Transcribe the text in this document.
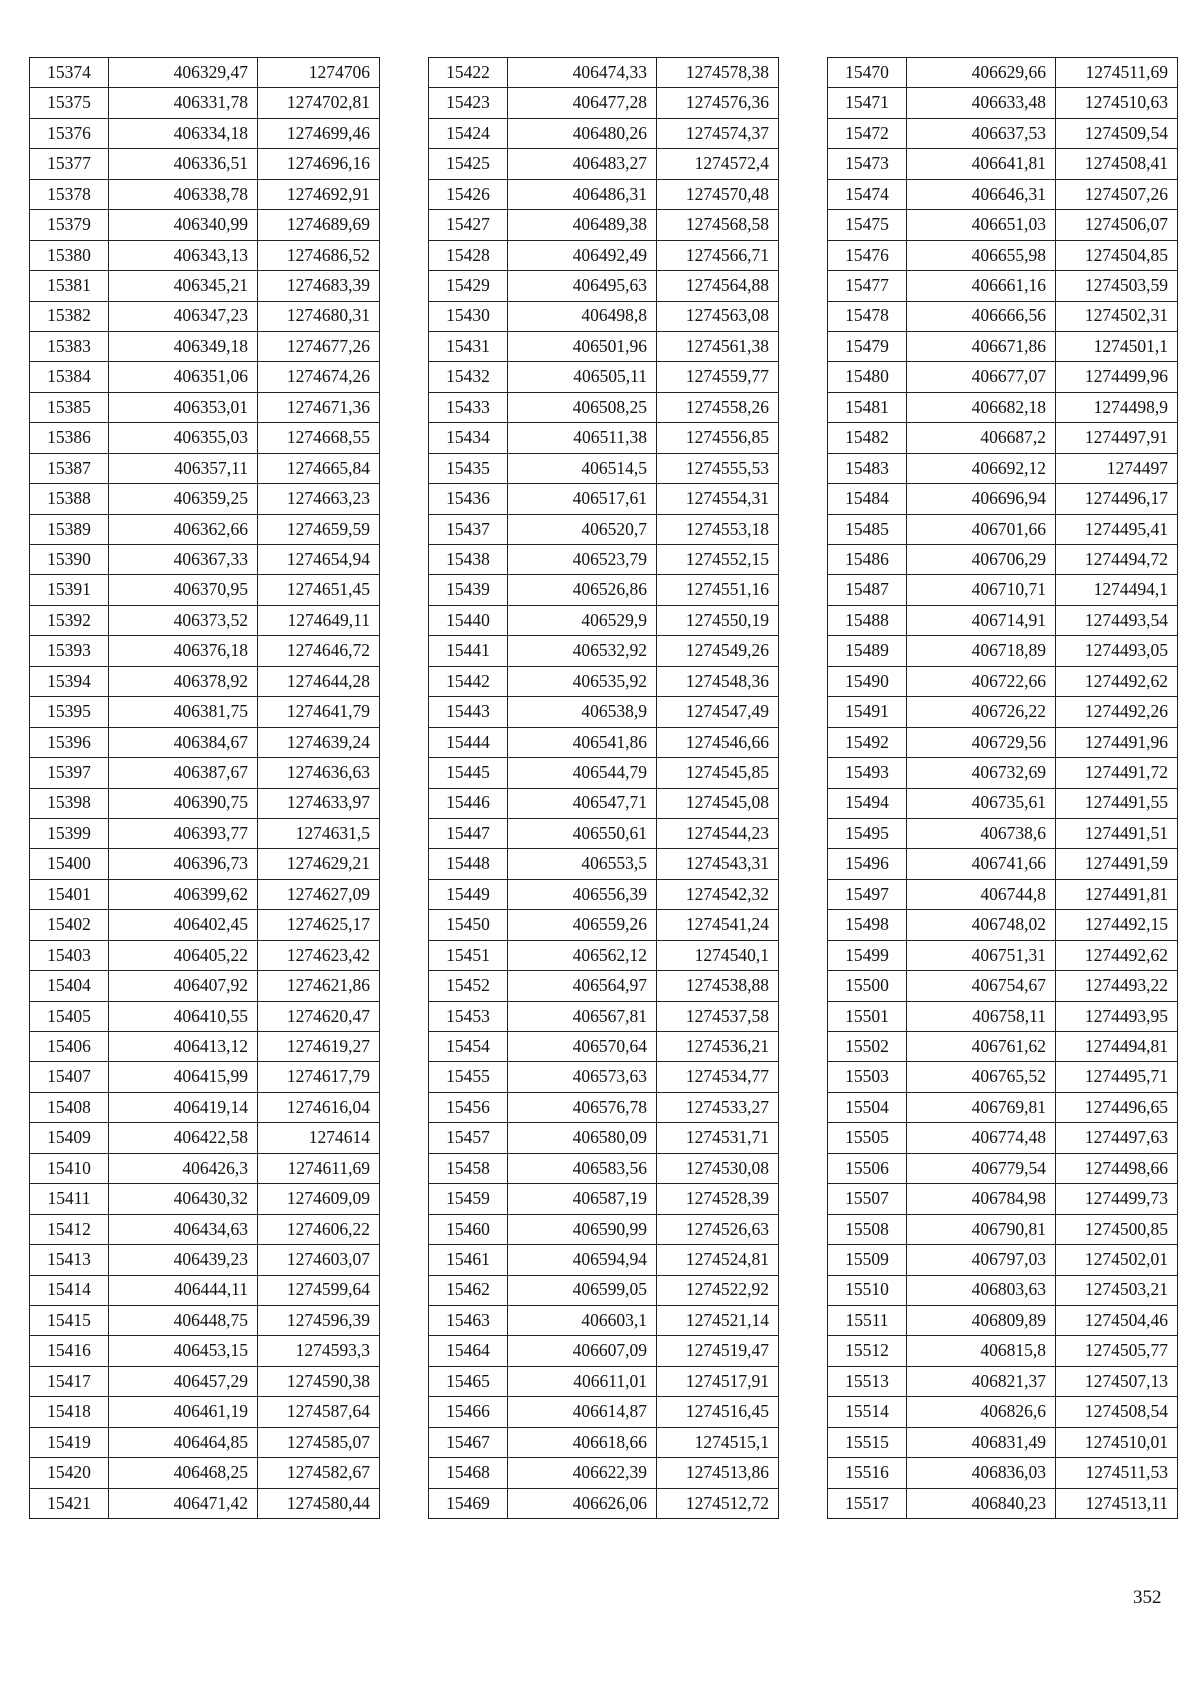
15374	406329,47	1274706
15375	406331,78	1274702,81
15376	406334,18	1274699,46
15377	406336,51	1274696,16
15378	406338,78	1274692,91
15379	406340,99	1274689,69
15380	406343,13	1274686,52
15381	406345,21	1274683,39
15382	406347,23	1274680,31
15383	406349,18	1274677,26
15384	406351,06	1274674,26
15385	406353,01	1274671,36
15386	406355,03	1274668,55
15387	406357,11	1274665,84
15388	406359,25	1274663,23
15389	406362,66	1274659,59
15390	406367,33	1274654,94
15391	406370,95	1274651,45
15392	406373,52	1274649,11
15393	406376,18	1274646,72
15394	406378,92	1274644,28
15395	406381,75	1274641,79
15396	406384,67	1274639,24
15397	406387,67	1274636,63
15398	406390,75	1274633,97
15399	406393,77	1274631,5
15400	406396,73	1274629,21
15401	406399,62	1274627,09
15402	406402,45	1274625,17
15403	406405,22	1274623,42
15404	406407,92	1274621,86
15405	406410,55	1274620,47
15406	406413,12	1274619,27
15407	406415,99	1274617,79
15408	406419,14	1274616,04
15409	406422,58	1274614
15410	406426,3	1274611,69
15411	406430,32	1274609,09
15412	406434,63	1274606,22
15413	406439,23	1274603,07
15414	406444,11	1274599,64
15415	406448,75	1274596,39
15416	406453,15	1274593,3
15417	406457,29	1274590,38
15418	406461,19	1274587,64
15419	406464,85	1274585,07
15420	406468,25	1274582,67
15421	406471,42	1274580,44
15422	406474,33	1274578,38
15423	406477,28	1274576,36
15424	406480,26	1274574,37
15425	406483,27	1274572,4
15426	406486,31	1274570,48
15427	406489,38	1274568,58
15428	406492,49	1274566,71
15429	406495,63	1274564,88
15430	406498,8	1274563,08
15431	406501,96	1274561,38
15432	406505,11	1274559,77
15433	406508,25	1274558,26
15434	406511,38	1274556,85
15435	406514,5	1274555,53
15436	406517,61	1274554,31
15437	406520,7	1274553,18
15438	406523,79	1274552,15
15439	406526,86	1274551,16
15440	406529,9	1274550,19
15441	406532,92	1274549,26
15442	406535,92	1274548,36
15443	406538,9	1274547,49
15444	406541,86	1274546,66
15445	406544,79	1274545,85
15446	406547,71	1274545,08
15447	406550,61	1274544,23
15448	406553,5	1274543,31
15449	406556,39	1274542,32
15450	406559,26	1274541,24
15451	406562,12	1274540,1
15452	406564,97	1274538,88
15453	406567,81	1274537,58
15454	406570,64	1274536,21
15455	406573,63	1274534,77
15456	406576,78	1274533,27
15457	406580,09	1274531,71
15458	406583,56	1274530,08
15459	406587,19	1274528,39
15460	406590,99	1274526,63
15461	406594,94	1274524,81
15462	406599,05	1274522,92
15463	406603,1	1274521,14
15464	406607,09	1274519,47
15465	406611,01	1274517,91
15466	406614,87	1274516,45
15467	406618,66	1274515,1
15468	406622,39	1274513,86
15469	406626,06	1274512,72
15470	406629,66	1274511,69
15471	406633,48	1274510,63
15472	406637,53	1274509,54
15473	406641,81	1274508,41
15474	406646,31	1274507,26
15475	406651,03	1274506,07
15476	406655,98	1274504,85
15477	406661,16	1274503,59
15478	406666,56	1274502,31
15479	406671,86	1274501,1
15480	406677,07	1274499,96
15481	406682,18	1274498,9
15482	406687,2	1274497,91
15483	406692,12	1274497
15484	406696,94	1274496,17
15485	406701,66	1274495,41
15486	406706,29	1274494,72
15487	406710,71	1274494,1
15488	406714,91	1274493,54
15489	406718,89	1274493,05
15490	406722,66	1274492,62
15491	406726,22	1274492,26
15492	406729,56	1274491,96
15493	406732,69	1274491,72
15494	406735,61	1274491,55
15495	406738,6	1274491,51
15496	406741,66	1274491,59
15497	406744,8	1274491,81
15498	406748,02	1274492,15
15499	406751,31	1274492,62
15500	406754,67	1274493,22
15501	406758,11	1274493,95
15502	406761,62	1274494,81
15503	406765,52	1274495,71
15504	406769,81	1274496,65
15505	406774,48	1274497,63
15506	406779,54	1274498,66
15507	406784,98	1274499,73
15508	406790,81	1274500,85
15509	406797,03	1274502,01
15510	406803,63	1274503,21
15511	406809,89	1274504,46
15512	406815,8	1274505,77
15513	406821,37	1274507,13
15514	406826,6	1274508,54
15515	406831,49	1274510,01
15516	406836,03	1274511,53
15517	406840,23	1274513,11
352
